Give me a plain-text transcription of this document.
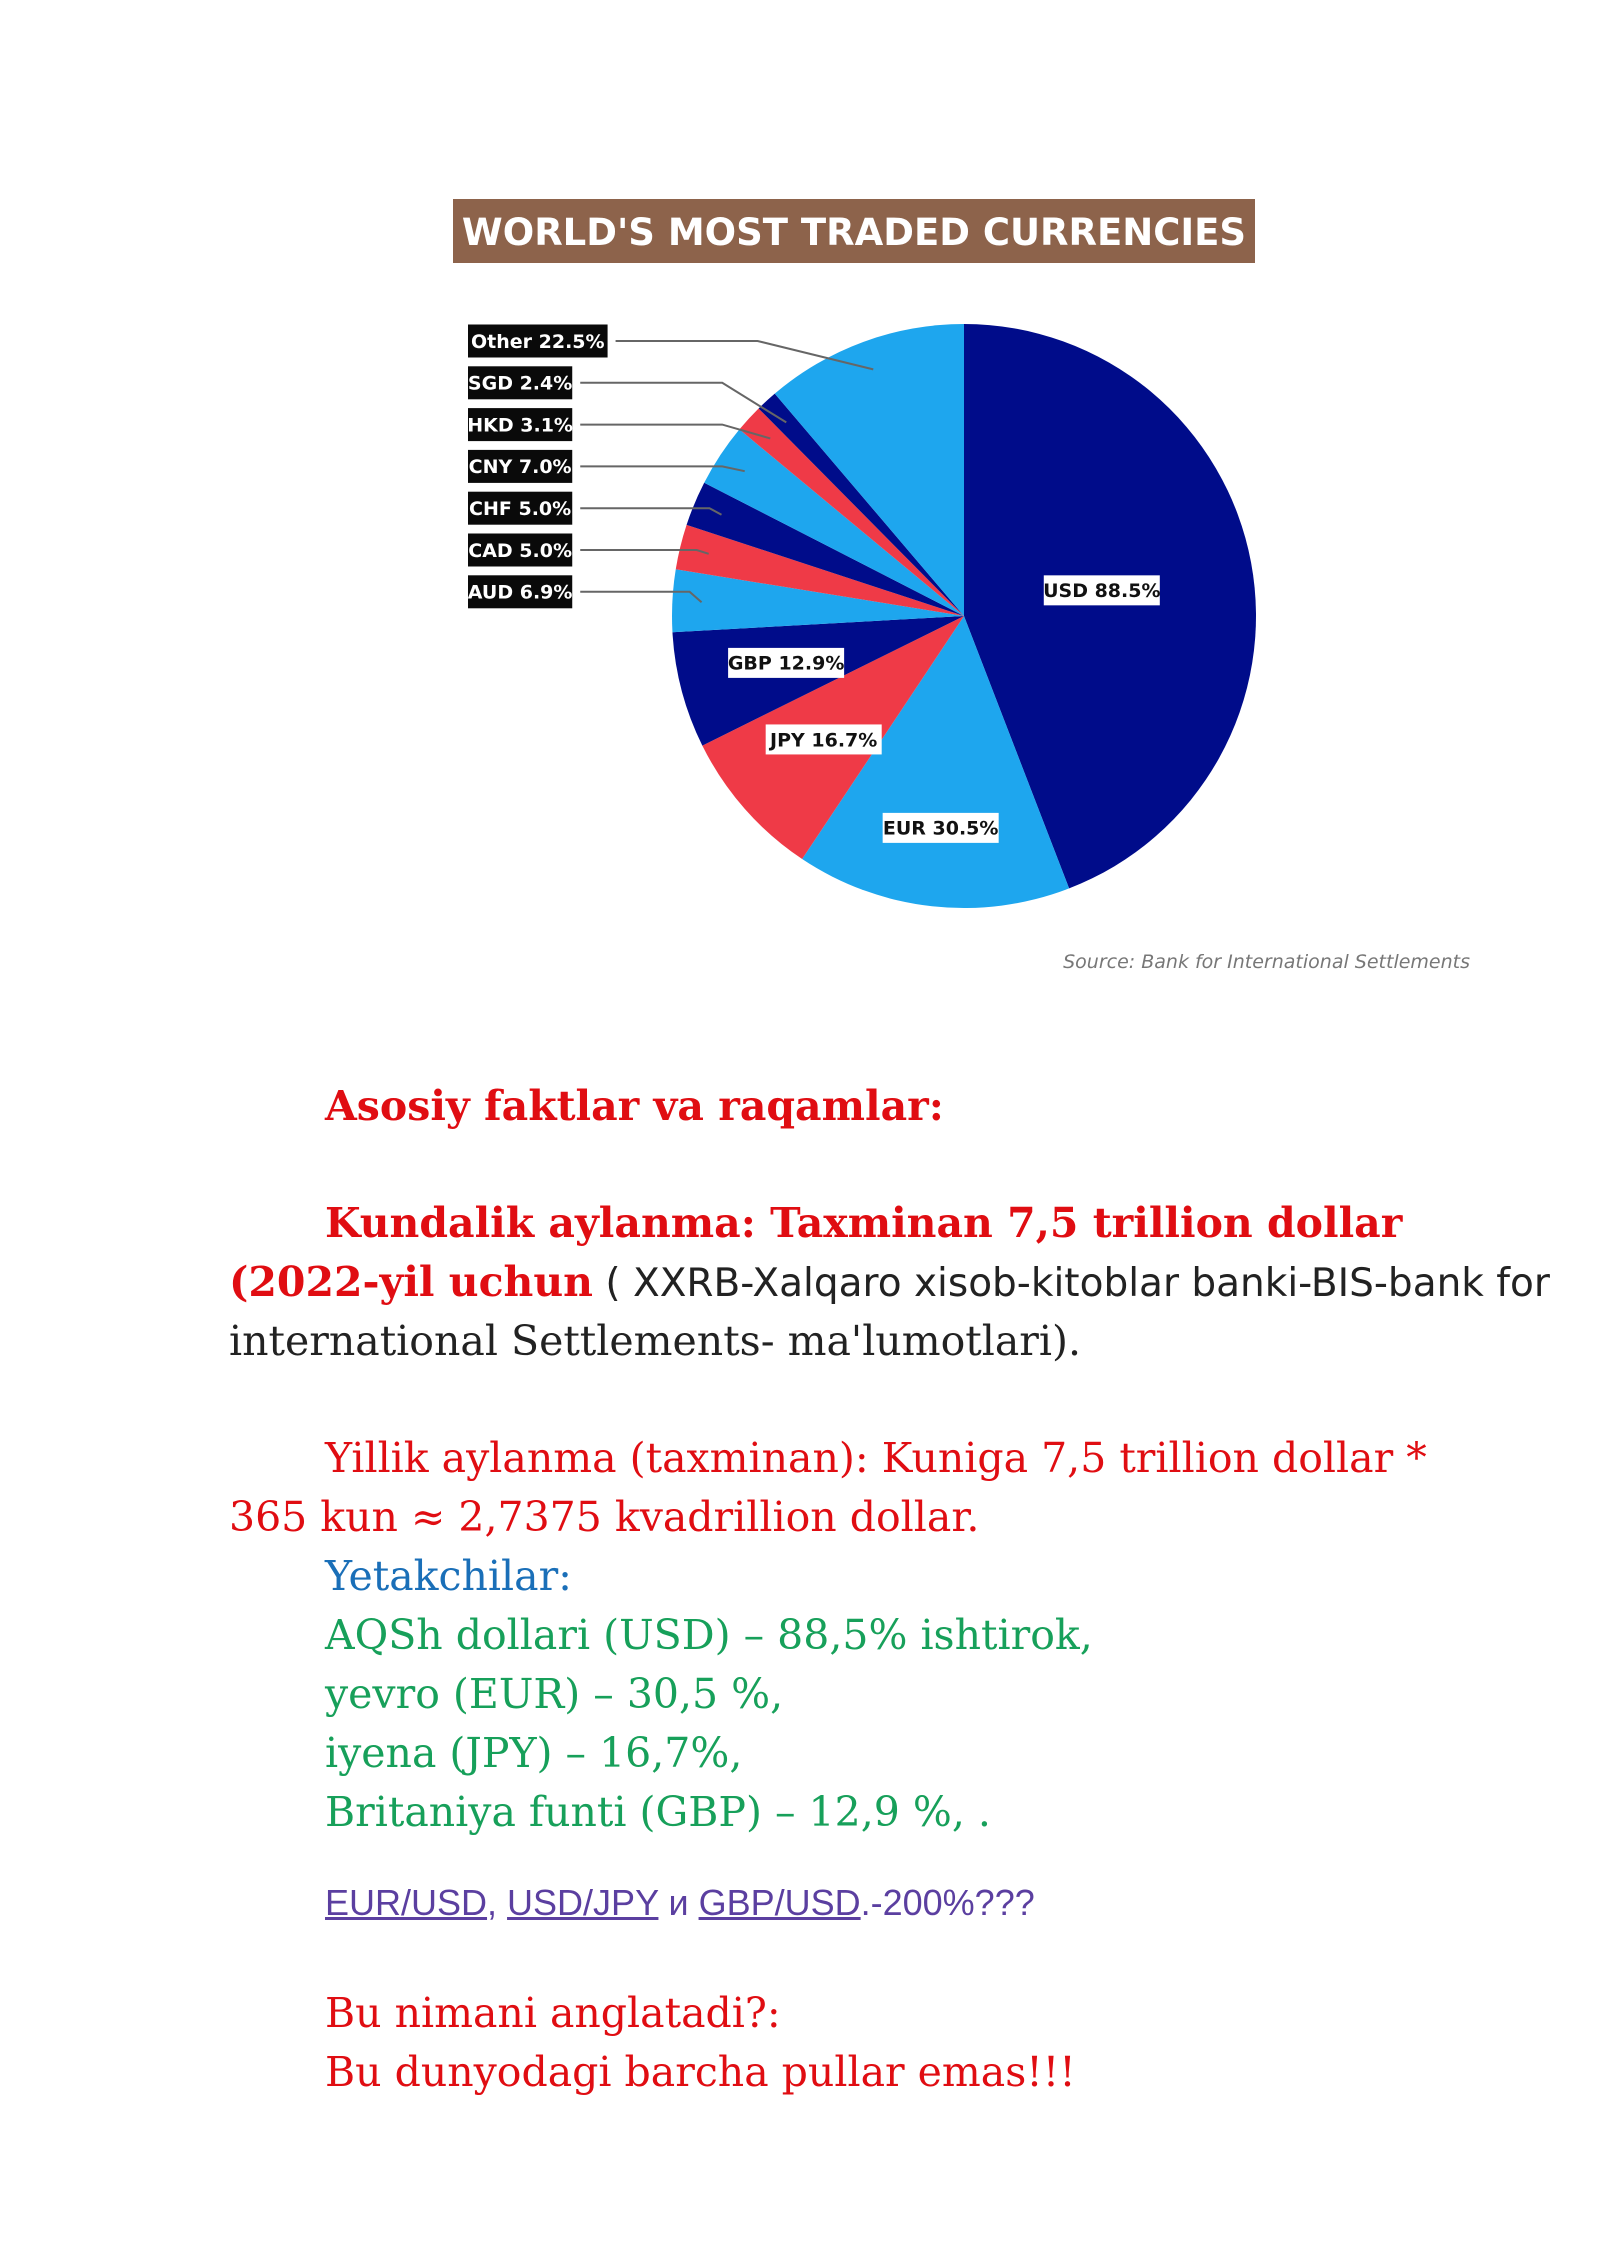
WORLD'S MOST TRADED CURRENCIES
USD 88.5%
EUR 30.5%
JPY 16.7%
GBP 12.9%
Other 22.5%
SGD 2.4%
HKD 3.1%
CNY 7.0%
CHF 5.0%
CAD 5.0%
AUD 6.9%
Source: Bank for International Settlements

Asosiy faktlar va raqamlar:

Kundalik aylanma: Taxminan 7,5 trillion dollar

(2022-yil uchun ( XXRB-Xalqaro xisob-kitoblar banki-BIS-bank for

international Settlements- ma'lumotlari).

Yillik aylanma (taxminan): Kuniga 7,5 trillion dollar *

365 kun ≈ 2,7375 kvadrillion dollar.

Yetakchilar:

AQSh dollari (USD) – 88,5% ishtirok,

yevro (EUR) – 30,5 %,

iyena (JPY) – 16,7%,

Britaniya funti (GBP) – 12,9 %, .

EUR/USD, USD/JPY и GBP/USD.-200%???

Bu nimani anglatadi?:

Bu dunyodagi barcha pullar emas!!!
